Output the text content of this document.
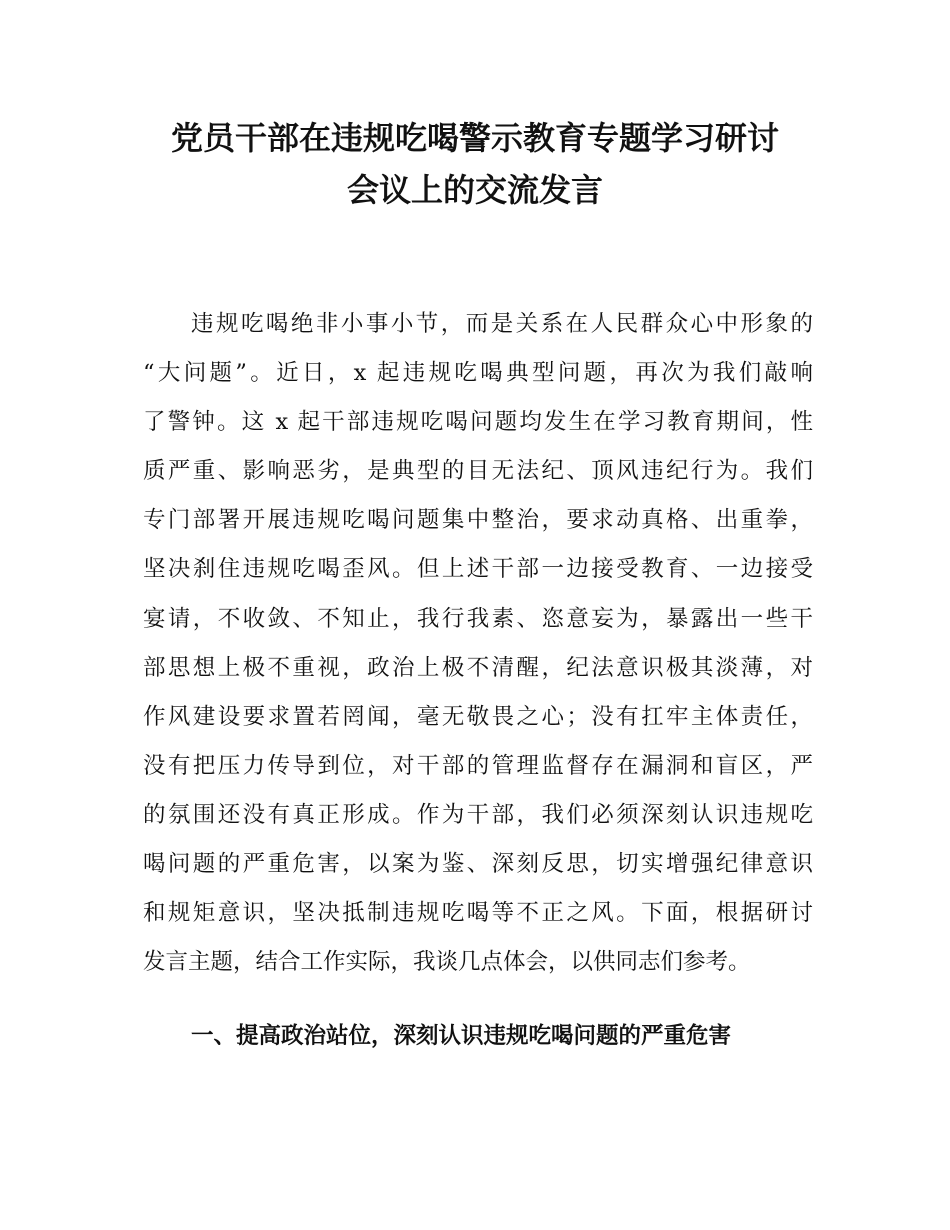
党员干部在违规吃喝警示教育专题学习研讨
会议上的交流发言
违规吃喝绝非小事小节，而是关系在人民群众心中形象的
“大问题”。近日，x 起违规吃喝典型问题，再次为我们敲响
了警钟。这 x 起干部违规吃喝问题均发生在学习教育期间，性
质严重、影响恶劣，是典型的目无法纪、顶风违纪行为。我们
专门部署开展违规吃喝问题集中整治，要求动真格、出重拳，
坚决刹住违规吃喝歪风。但上述干部一边接受教育、一边接受
宴请，不收敛、不知止，我行我素、恣意妄为，暴露出一些干
部思想上极不重视，政治上极不清醒，纪法意识极其淡薄，对
作风建设要求置若罔闻，毫无敬畏之心；没有扛牢主体责任，
没有把压力传导到位，对干部的管理监督存在漏洞和盲区，严
的氛围还没有真正形成。作为干部，我们必须深刻认识违规吃
喝问题的严重危害，以案为鉴、深刻反思，切实增强纪律意识
和规矩意识，坚决抵制违规吃喝等不正之风。下面，根据研讨
发言主题，结合工作实际，我谈几点体会，以供同志们参考。
一、提高政治站位，深刻认识违规吃喝问题的严重危害
